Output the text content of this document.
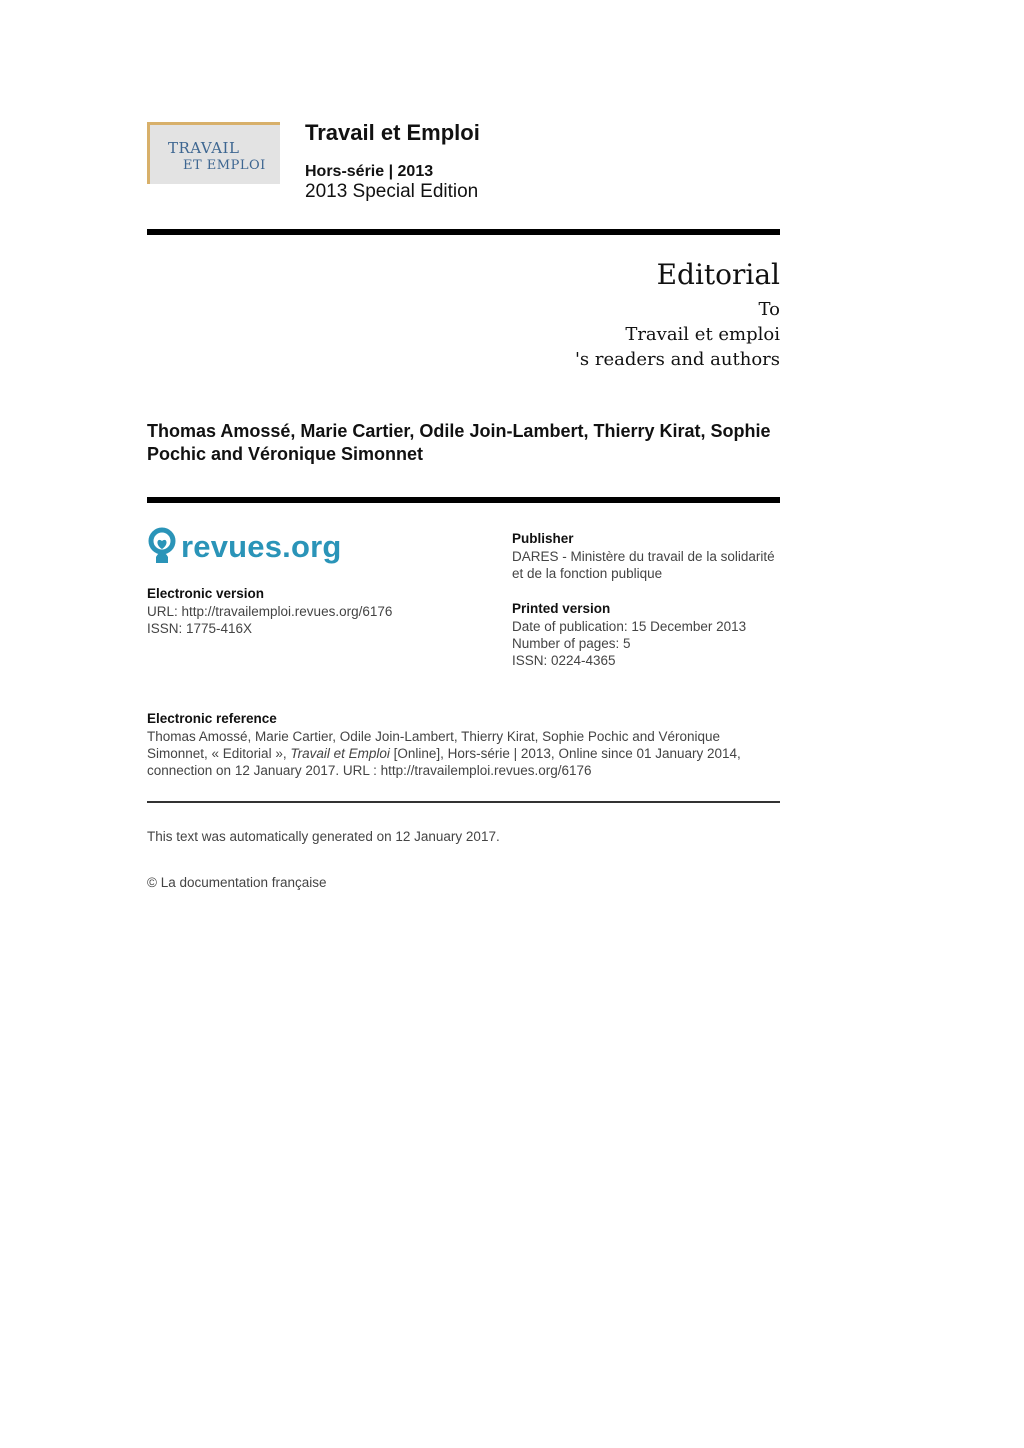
TRAVAIL
ET EMPLOI
Travail et Emploi
Hors-série | 2013
2013 Special Edition
Editorial
To
Travail et emploi
's readers and authors
Thomas Amossé, Marie Cartier, Odile Join-Lambert, Thierry Kirat, Sophie Pochic and Véronique Simonnet
revues.org
Electronic version
URL: http://travailemploi.revues.org/6176
ISSN: 1775-416X
Publisher
DARES - Ministère du travail de la solidarité
et de la fonction publique
Printed version
Date of publication: 15 December 2013
Number of pages: 5
ISSN: 0224-4365
Electronic reference
Thomas Amossé, Marie Cartier, Odile Join-Lambert, Thierry Kirat, Sophie Pochic and Véronique
Simonnet, « Editorial », Travail et Emploi [Online], Hors-série | 2013, Online since 01 January 2014,
connection on 12 January 2017. URL : http://travailemploi.revues.org/6176
This text was automatically generated on 12 January 2017.
© La documentation française
